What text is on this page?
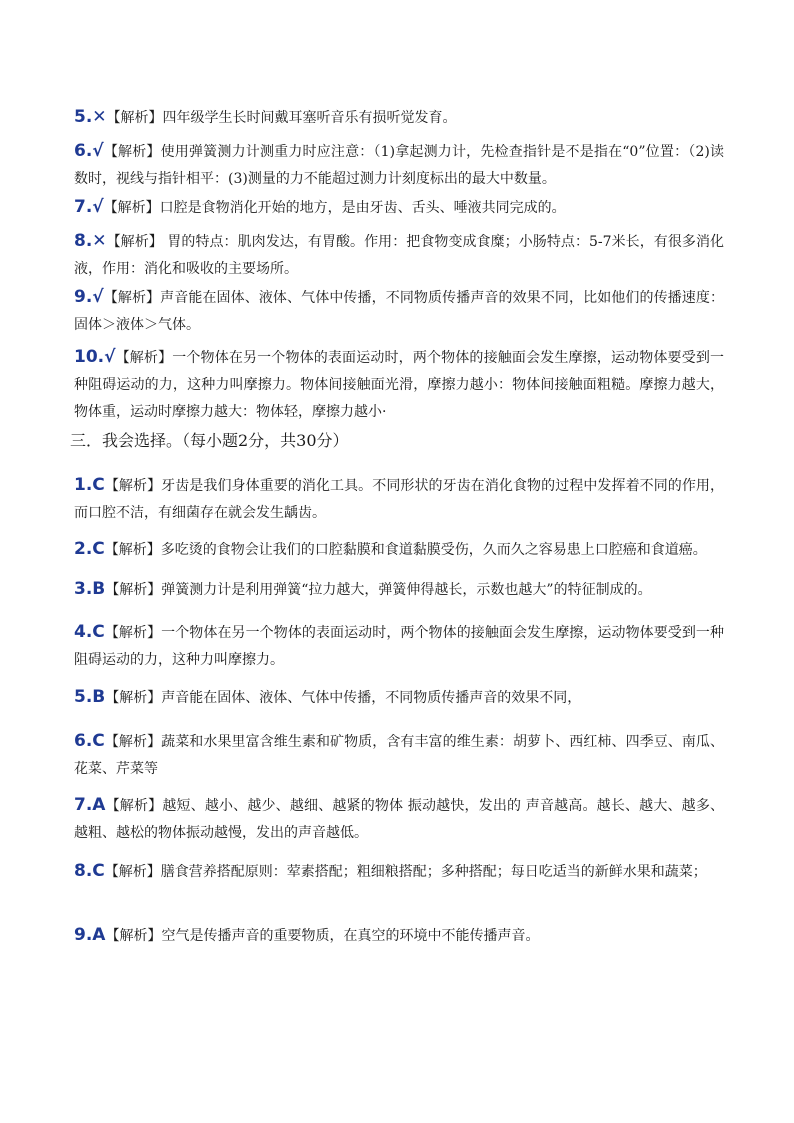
5.✕【解析】四年级学生长时间戴耳塞听音乐有损听觉发育。
6.√【解析】使用弹簧测力计测重力时应注意：（1)拿起测力计，先检查指针是不是指在“0”位置：（2)读数时，视线与指针相平：(3)测量的力不能超过测力计刻度标出的最大中数量。
7.√【解析】口腔是食物消化开始的地方，是由牙齿、舌头、唾液共同完成的。
8.✕【解析】 胃的特点：肌肉发达，有胃酸。作用：把食物变成食糜；小肠特点：5-7米长，有很多消化液，作用：消化和吸收的主要场所。
9.√【解析】声音能在固体、液体、气体中传播，不同物质传播声音的效果不同，比如他们的传播速度：固体＞液体＞气体。
10.√【解析】一个物体在另一个物体的表面运动时，两个物体的接触面会发生摩擦，运动物体要受到一种阻碍运动的力，这种力叫摩擦力。物体间接触面光滑，摩擦力越小：物体间接触面粗糙。摩擦力越大，物体重，运动时摩擦力越大：物体轻，摩擦力越小·
三．我会选择。（每小题2分，共30分）
1.C【解析】牙齿是我们身体重要的消化工具。不同形状的牙齿在消化食物的过程中发挥着不同的作用，而口腔不洁，有细菌存在就会发生龋齿。
2.C【解析】多吃烫的食物会让我们的口腔黏膜和食道黏膜受伤，久而久之容易患上口腔癌和食道癌。
3.B【解析】弹簧测力计是利用弹簧“拉力越大，弹簧伸得越长，示数也越大”的特征制成的。
4.C【解析】一个物体在另一个物体的表面运动时，两个物体的接触面会发生摩擦，运动物体要受到一种阻碍运动的力，这种力叫摩擦力。
5.B【解析】声音能在固体、液体、气体中传播，不同物质传播声音的效果不同，
6.C【解析】蔬菜和水果里富含维生素和矿物质，含有丰富的维生素：胡萝卜、西红柿、四季豆、南瓜、花菜、芹菜等
7.A【解析】越短、越小、越少、越细、越紧的物体 振动越快，发出的 声音越高。越长、越大、越多、越粗、越松的物体振动越慢，发出的声音越低。
8.C【解析】膳食营养搭配原则：荤素搭配；粗细粮搭配；多种搭配；每日吃适当的新鲜水果和蔬菜；
9.A【解析】空气是传播声音的重要物质，在真空的环境中不能传播声音。
